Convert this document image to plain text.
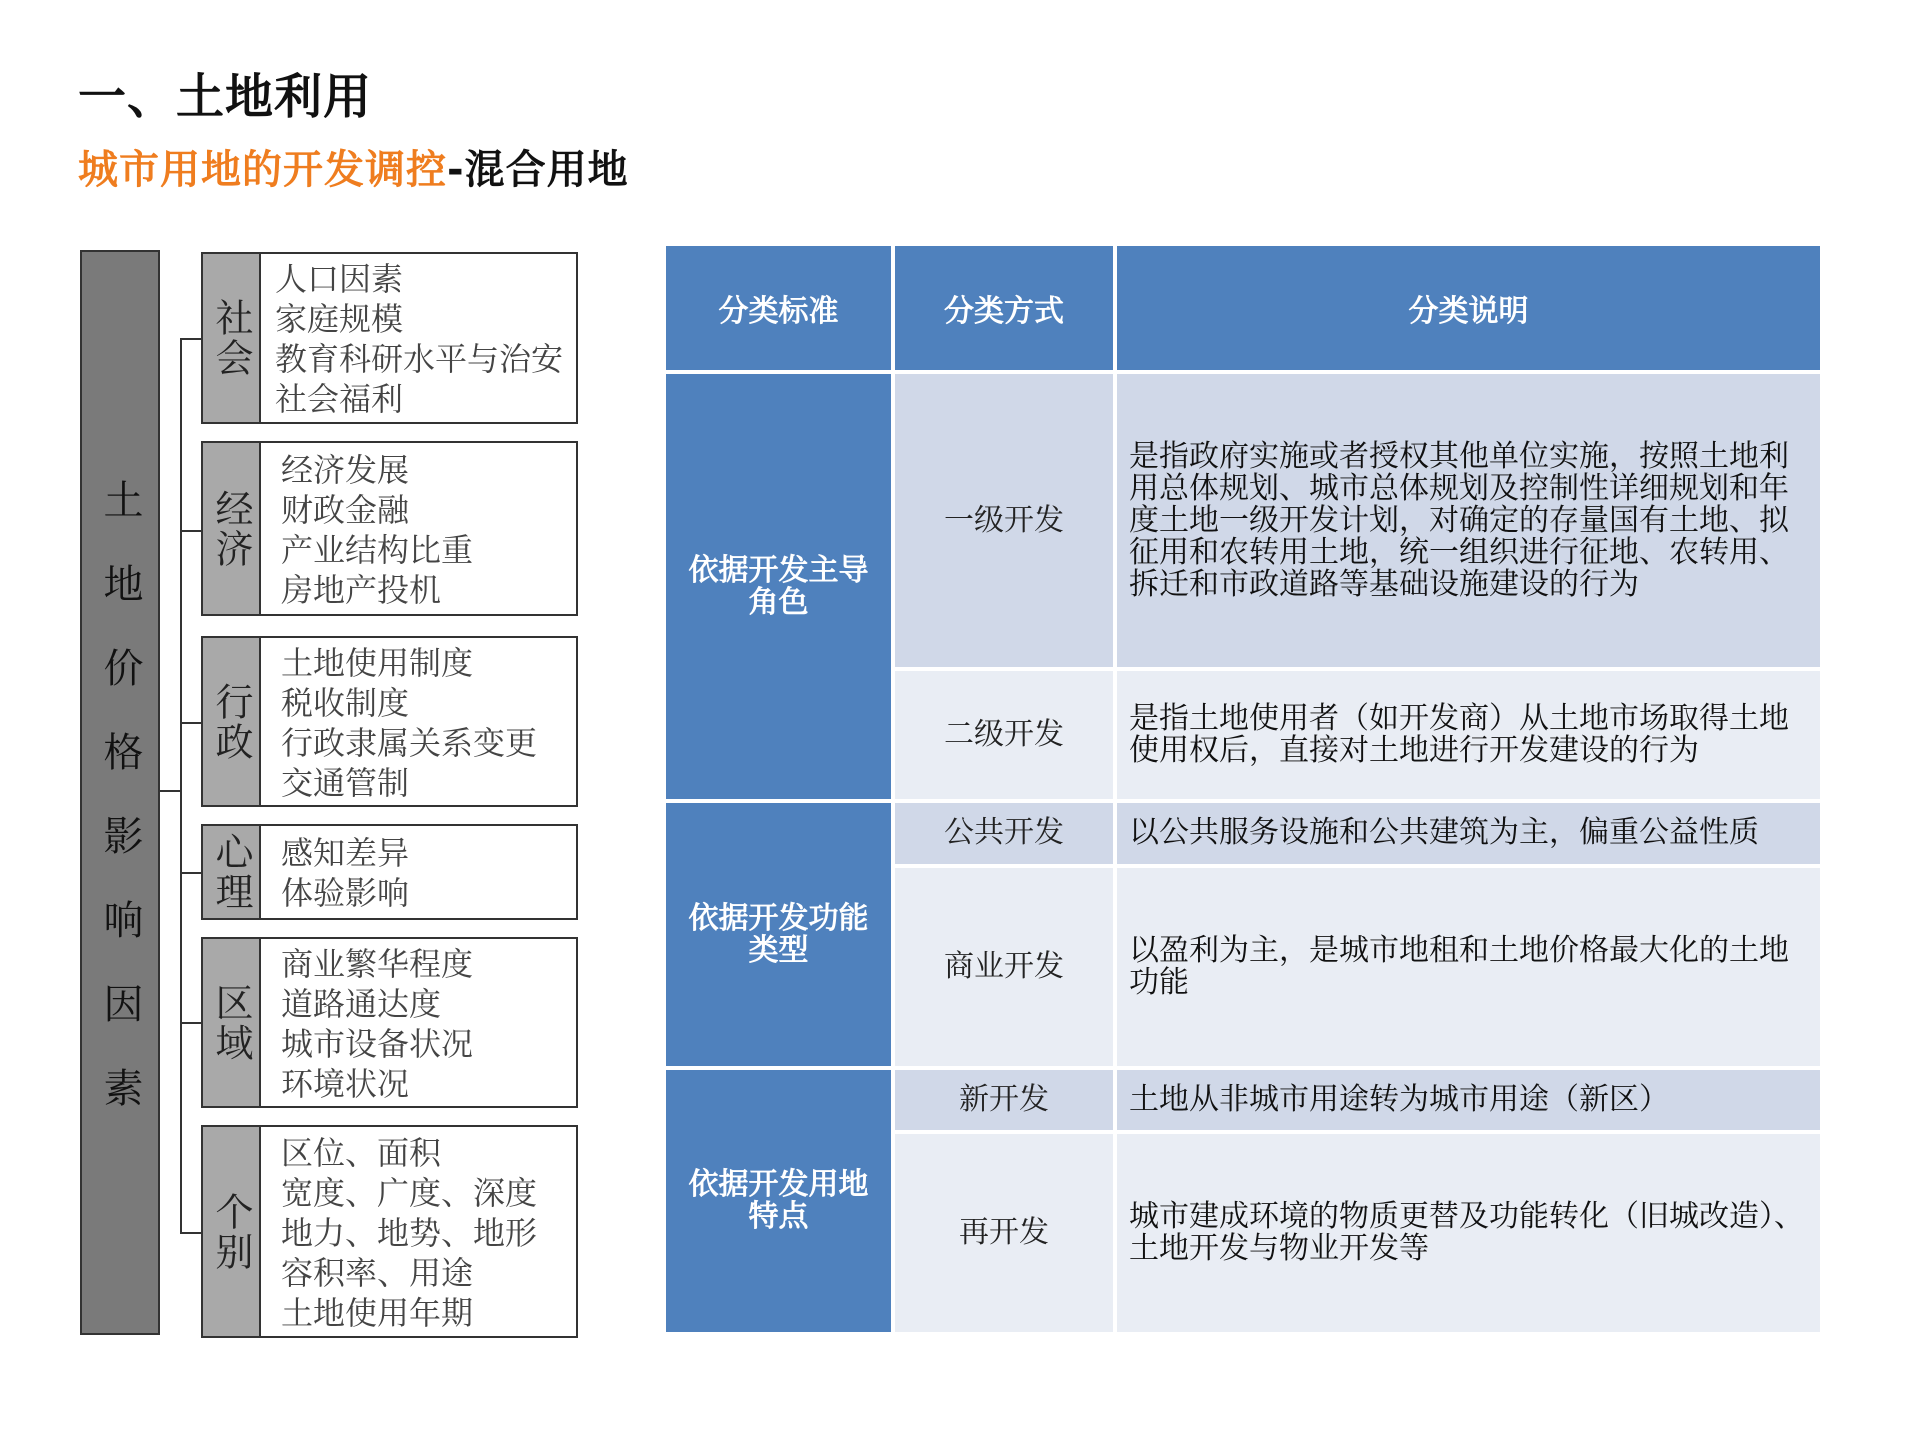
一、土地利用
城市用地的开发调控-混合用地
土地价格影响因素
社会
人口因素
家庭规模
教育科研水平与治安
社会福利
经济
经济发展
财政金融
产业结构比重
房地产投机
行政
土地使用制度
税收制度
行政隶属关系变更
交通管制
心理 感知差异
体验影响
区域
商业繁华程度
道路通达度
城市设备状况
环境状况
个别
区位、面积
宽度、广度、深度
地力、地势、地形
容积率、用途
土地使用年期
分类标准	分类方式	分类说明
依据开发主导角色	一级开发	是指政府实施或者授权其他单位实施，按照土地利用总体规划、城市总体规划及控制性详细规划和年度土地一级开发计划，对确定的存量国有土地、拟征用和农转用土地，统一组织进行征地、农转用、拆迁和市政道路等基础设施建设的行为
	二级开发	是指土地使用者（如开发商）从土地市场取得土地使用权后，直接对土地进行开发建设的行为
依据开发功能类型	公共开发	以公共服务设施和公共建筑为主，偏重公益性质
	商业开发	以盈利为主，是城市地租和土地价格最大化的土地功能
依据开发用地特点	新开发	土地从非城市用途转为城市用途（新区）
	再开发	城市建成环境的物质更替及功能转化（旧城改造）、土地开发与物业开发等
